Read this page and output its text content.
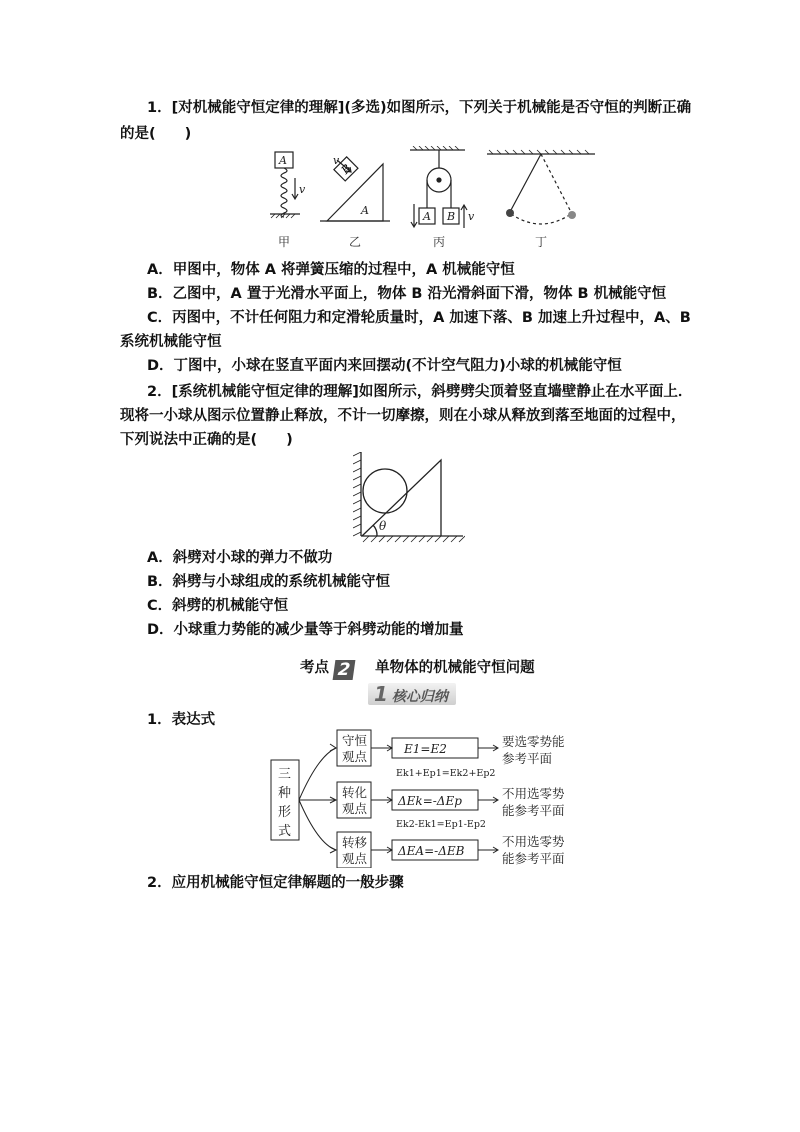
1．[对机械能守恒定律的理解](多选)如图所示，下列关于机械能是否守恒的判断正确
的是(　　)
A
v
v
A	A B v
B
甲	乙	丙	丁
A．甲图中，物体 A 将弹簧压缩的过程中，A 机械能守恒
B．乙图中，A 置于光滑水平面上，物体 B 沿光滑斜面下滑，物体 B 机械能守恒
C．丙图中，不计任何阻力和定滑轮质量时，A 加速下落、B 加速上升过程中，A、B
系统机械能守恒
D．丁图中，小球在竖直平面内来回摆动(不计空气阻力)小球的机械能守恒
2．[系统机械能守恒定律的理解]如图所示，斜劈劈尖顶着竖直墙壁静止在水平面上．
现将一小球从图示位置静止释放，不计一切摩擦，则在小球从释放到落至地面的过程中，
下列说法中正确的是(　　)
θ
A．斜劈对小球的弹力不做功
B．斜劈与小球组成的系统机械能守恒
C．斜劈的机械能守恒
D．小球重力势能的减少量等于斜劈动能的增加量
考点 2 单物体的机械能守恒问题
1 核心归纳
1．表达式
三
种
形
式
守恒
观点
转化
观点
转移
观点
E1=E2
ΔEk=-ΔEp
ΔEA=-ΔEB
Ek1+Ep1=Ek2+Ep2
Ek2-Ek1=Ep1-Ep2
要选零势能
参考平面
不用选零势
能参考平面
不用选零势
能参考平面
2．应用机械能守恒定律解题的一般步骤
